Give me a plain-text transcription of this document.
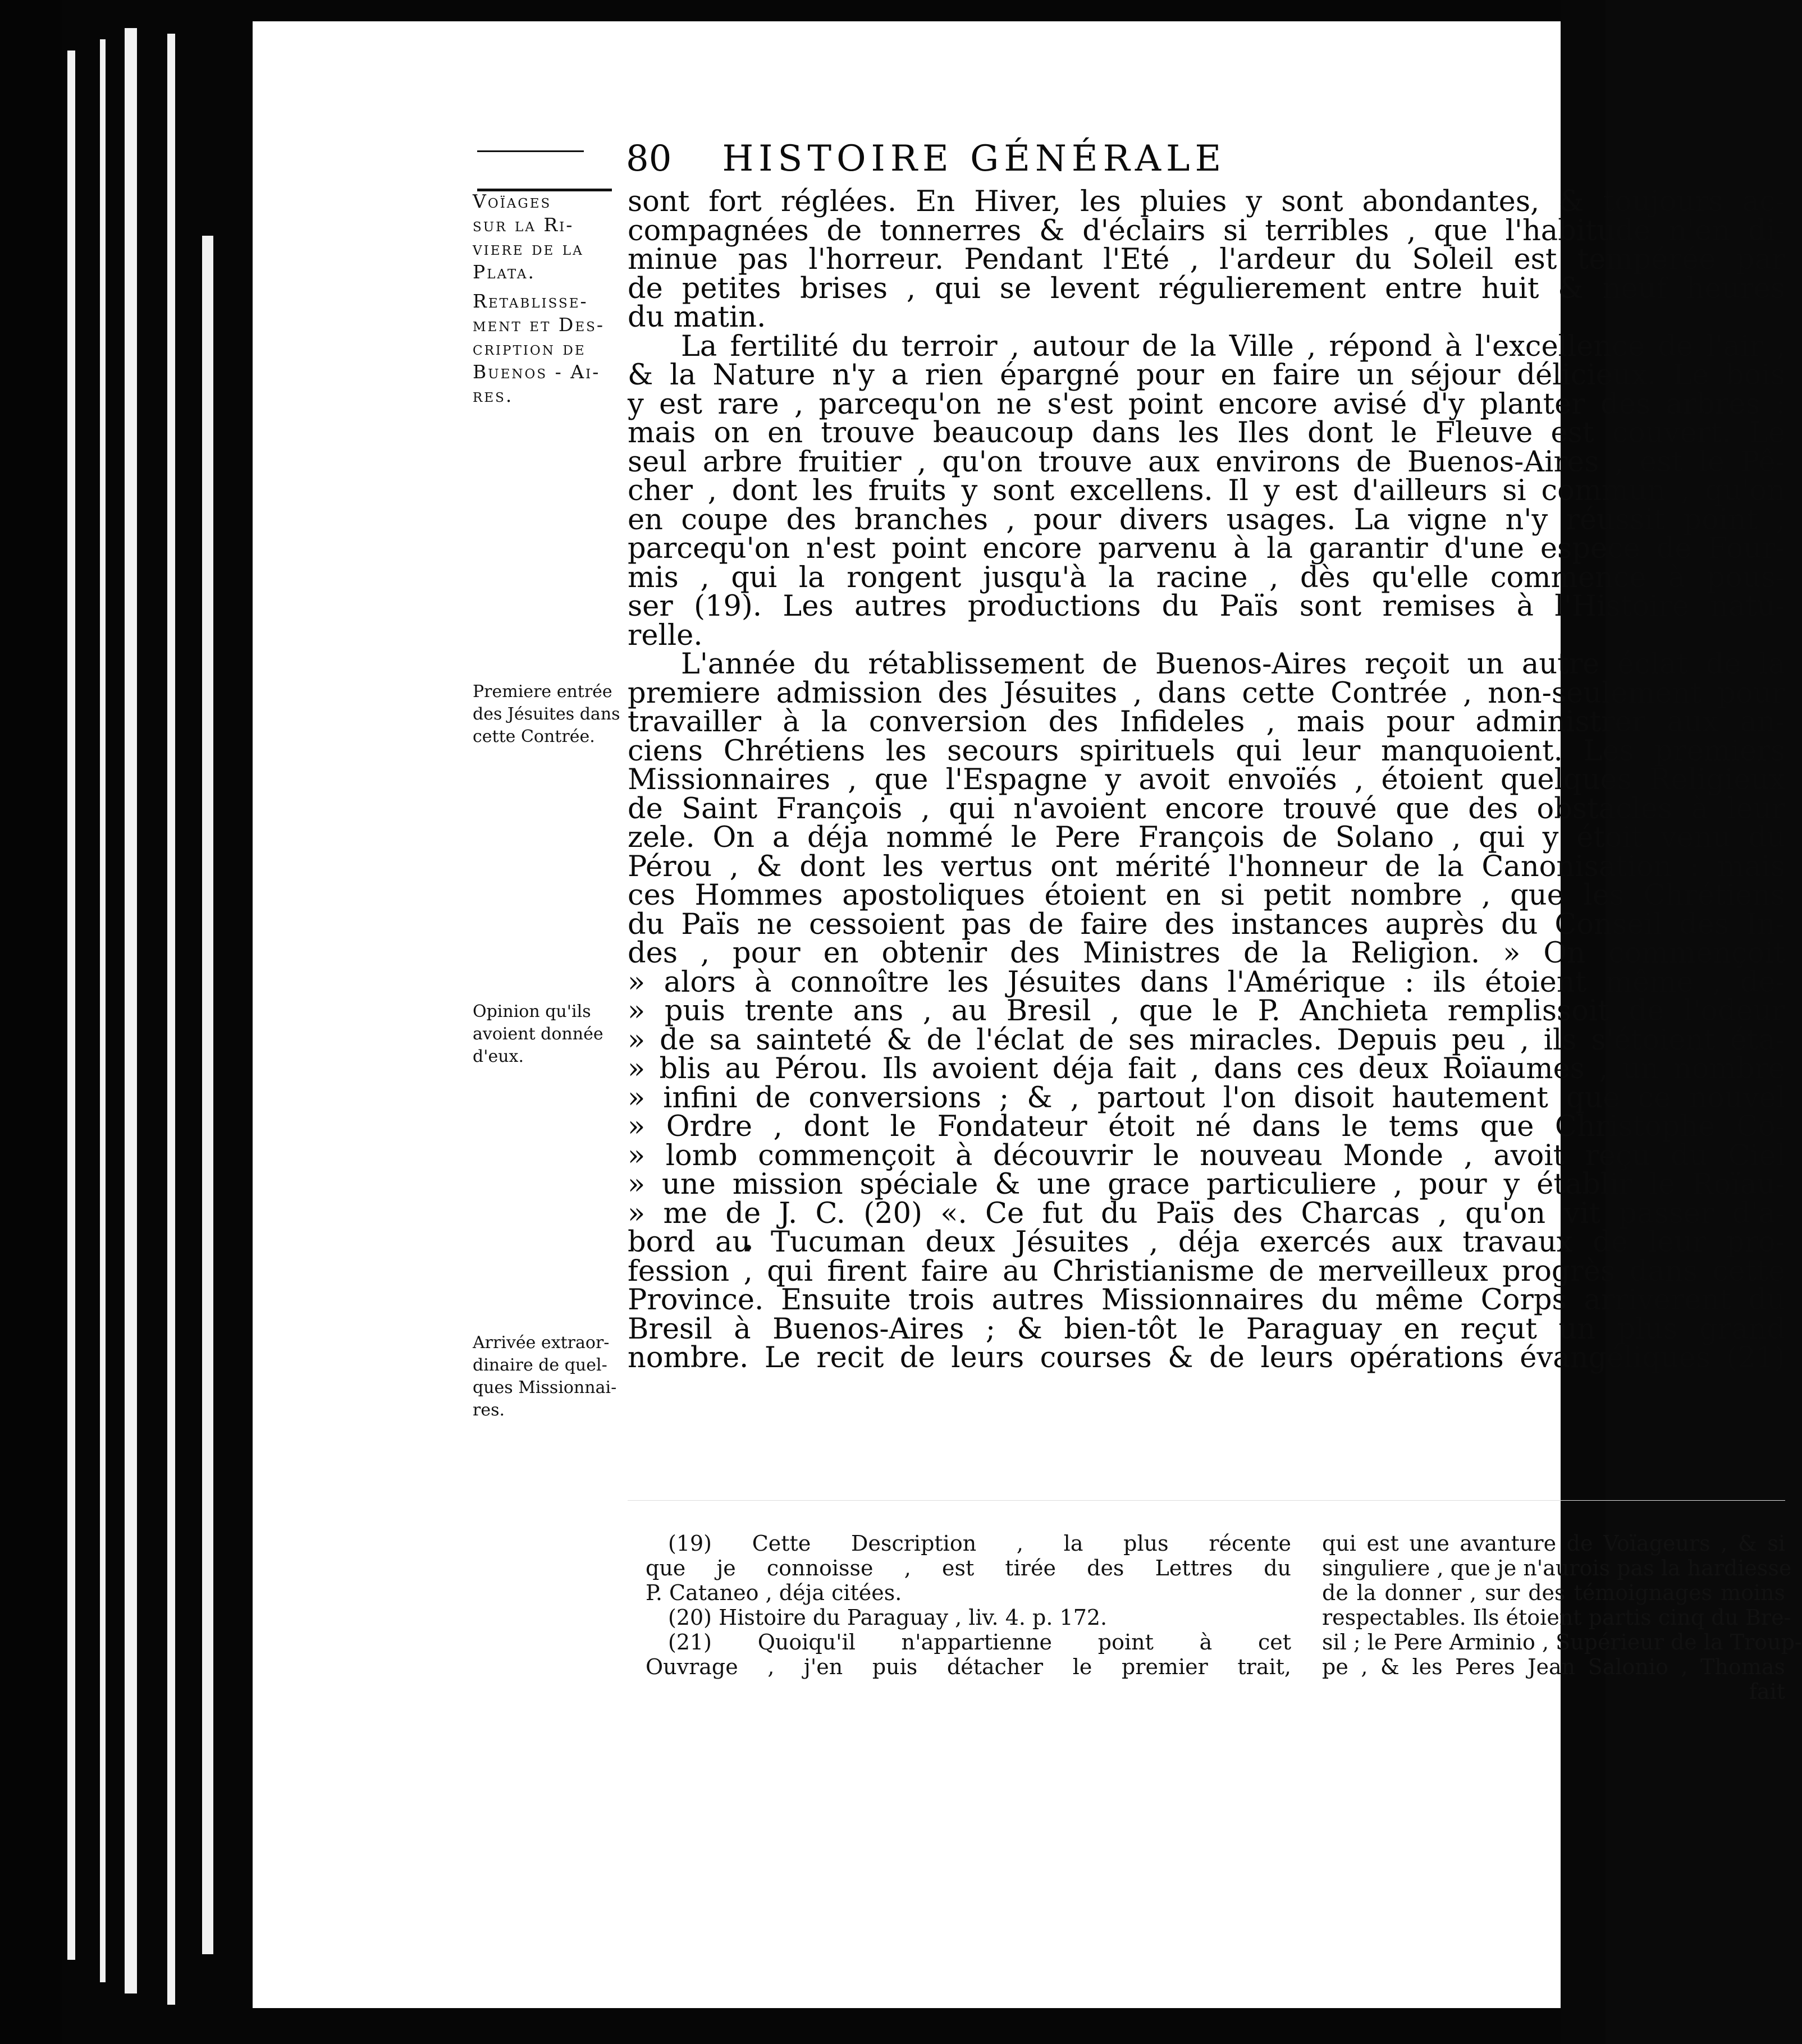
80 HISTOIRE GÉNÉRALE
Voïages
sur la Ri-
viere de la
Plata.
Retablisse-
ment et Des-
cription de
Buenos - Ai-
res.
Premiere entrée
des Jésuites dans
cette Contrée.
Opinion qu'ils
avoient donnée
d'eux.
Arrivée extraor-
dinaire de quel-
ques Missionnai-
res.
sont fort réglées. En Hiver, les pluies y sont abondantes, & toujours ac-
compagnées de tonnerres & d'éclairs si terribles , que l'habitude n'en di-
minue pas l'horreur. Pendant l'Eté , l'ardeur du Soleil est tempérée par
de petites brises , qui se levent régulierement entre huit & neuf heures
du matin.
La fertilité du terroir , autour de la Ville , répond à l'excellence de l'air ,
& la Nature n'y a rien épargné pour en faire un séjour délicieux. Le bois
y est rare , parcequ'on ne s'est point encore avisé d'y planter des arbres :
mais on en trouve beaucoup dans les Iles dont le Fleuve est couvert. Le
seul arbre fruitier , qu'on trouve aux environs de Buenos-Aires , est le Pê-
cher , dont les fruits y sont excellens. Il y est d'ailleurs si commun , qu'on
en coupe des branches , pour divers usages. La vigne n'y réussit point ,
parcequ'on n'est point encore parvenu à la garantir d'une espece de Four-
mis , qui la rongent jusqu'à la racine , dès qu'elle commence à pous-
ser (19). Les autres productions du Païs sont remises à l'Histoire natu-
relle.
L'année du rétablissement de Buenos-Aires reçoit un autre éclat de la
premiere admission des Jésuites , dans cette Contrée , non-seulement pour
travailler à la conversion des Infideles , mais pour administrer aux an-
ciens Chrétiens les secours spirituels qui leur manquoient. Les premiers
Missionnaires , que l'Espagne y avoit envoïés , étoient quelques Religieux
de Saint François , qui n'avoient encore trouvé que des obstacles à leur
zele. On a déja nommé le Pere François de Solano , qui y étoit venu du
Pérou , & dont les vertus ont mérité l'honneur de la Canonisation : mais
ces Hommes apostoliques étoient en si petit nombre , que les Chrétiens
du Païs ne cessoient pas de faire des instances auprès du Conseil des In-
des , pour en obtenir des Ministres de la Religion. » On commençoit
» alors à connoître les Jésuites dans l'Amérique : ils étoient même , de-
» puis trente ans , au Bresil , que le P. Anchieta remplissoit de l'odeur
» de sa sainteté & de l'éclat de ses miracles. Depuis peu , ils s'étoient éta-
» blis au Pérou. Ils avoient déja fait , dans ces deux Roïaumes , un nombre
» infini de conversions ; & , partout l'on disoit hautement que ce nouvel
» Ordre , dont le Fondateur étoit né dans le tems que Christophe Co-
» lomb commençoit à découvrir le nouveau Monde , avoit reçu du Ciel
» une mission spéciale & une grace particuliere , pour y établir le Roïau-
» me de J. C. (20) «. Ce fut du Païs des Charcas , qu'on vit passer d'a-
bord au Tucuman deux Jésuites , déja exercés aux travaux de leur pro-
fession , qui firent faire au Christianisme de merveilleux progrès dans cette
Province. Ensuite trois autres Missionnaires du même Corps arriverent du
Bresil à Buenos-Aires ; & bien-tôt le Paraguay en reçut un plus grand
nombre. Le recit de leurs courses & de leurs opérations évangéliques (21)
(19) Cette Description , la plus récente
que je connoisse , est tirée des Lettres du
P. Cataneo , déja citées.
(20) Histoire du Paraguay , liv. 4. p. 172.
(21) Quoiqu'il n'appartienne point à cet
Ouvrage , j'en puis détacher le premier trait,
qui est une avanture de Voïageurs , & si
singuliere , que je n'aurois pas la hardiesse
de la donner , sur des témoignages moins
respectables. Ils étoient partis cinq du Bre-
sil ; le Pere Arminio , Supérieur de la Troup-
pe , & les Peres Jean Salonio , Thomas
fait
